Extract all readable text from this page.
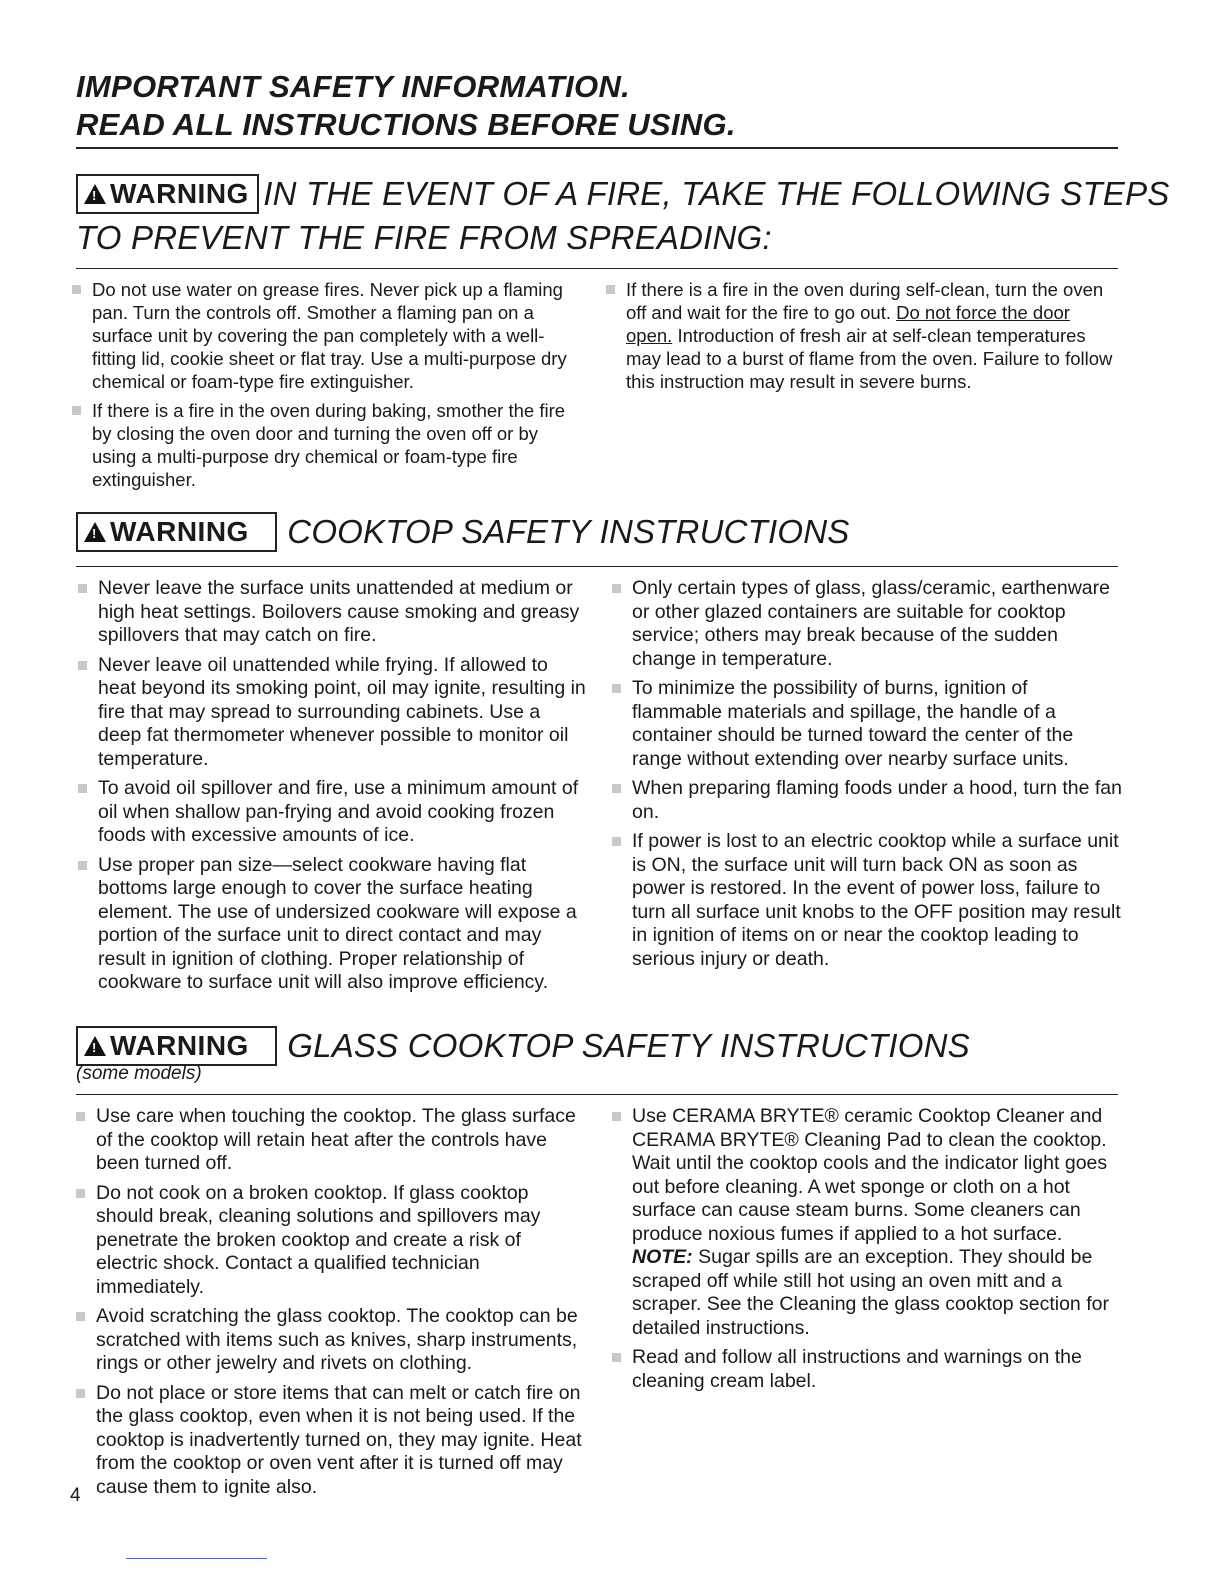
IMPORTANT SAFETY INFORMATION.
READ ALL INSTRUCTIONS BEFORE USING.
!WARNING IN THE EVENT OF A FIRE, TAKE THE FOLLOWING STEPS
TO PREVENT THE FIRE FROM SPREADING:
Do not use water on grease fires. Never pick up a flaming pan. Turn the controls off. Smother a flaming pan on a surface unit by covering the pan completely with a well-fitting lid, cookie sheet or flat tray. Use a multi-purpose dry chemical or foam-type fire extinguisher.
If there is a fire in the oven during baking, smother the fire by closing the oven door and turning the oven off or by using a multi-purpose dry chemical or foam-type fire extinguisher.
If there is a fire in the oven during self-clean, turn the oven off and wait for the fire to go out. Do not force the door open. Introduction of fresh air at self-clean temperatures may lead to a burst of flame from the oven. Failure to follow this instruction may result in severe burns.
!WARNING COOKTOP SAFETY INSTRUCTIONS
Never leave the surface units unattended at medium or high heat settings. Boilovers cause smoking and greasy spillovers that may catch on fire.
Never leave oil unattended while frying. If allowed to heat beyond its smoking point, oil may ignite, resulting in fire that may spread to surrounding cabinets. Use a deep fat thermometer whenever possible to monitor oil temperature.
To avoid oil spillover and fire, use a minimum amount of oil when shallow pan-frying and avoid cooking frozen foods with excessive amounts of ice.
Use proper pan size—select cookware having flat bottoms large enough to cover the surface heating element. The use of undersized cookware will expose a portion of the surface unit to direct contact and may result in ignition of clothing. Proper relationship of cookware to surface unit will also improve efficiency.
Only certain types of glass, glass/ceramic, earthenware or other glazed containers are suitable for cooktop service; others may break because of the sudden change in temperature.
To minimize the possibility of burns, ignition of flammable materials and spillage, the handle of a container should be turned toward the center of the range without extending over nearby surface units.
When preparing flaming foods under a hood, turn the fan on.
If power is lost to an electric cooktop while a surface unit is ON, the surface unit will turn back ON as soon as power is restored. In the event of power loss, failure to turn all surface unit knobs to the OFF position may result in ignition of items on or near the cooktop leading to serious injury or death.
!WARNING GLASS COOKTOP SAFETY INSTRUCTIONS
(some models)
Use care when touching the cooktop. The glass surface of the cooktop will retain heat after the controls have been turned off.
Do not cook on a broken cooktop. If glass cooktop should break, cleaning solutions and spillovers may penetrate the broken cooktop and create a risk of electric shock. Contact a qualified technician immediately.
Avoid scratching the glass cooktop. The cooktop can be scratched with items such as knives, sharp instruments, rings or other jewelry and rivets on clothing.
Do not place or store items that can melt or catch fire on the glass cooktop, even when it is not being used. If the cooktop is inadvertently turned on, they may ignite. Heat from the cooktop or oven vent after it is turned off may cause them to ignite also.
Use CERAMA BRYTE® ceramic Cooktop Cleaner and CERAMA BRYTE® Cleaning Pad to clean the cooktop. Wait until the cooktop cools and the indicator light goes out before cleaning. A wet sponge or cloth on a hot surface can cause steam burns. Some cleaners can produce noxious fumes if applied to a hot surface. NOTE: Sugar spills are an exception. They should be scraped off while still hot using an oven mitt and a scraper. See the Cleaning the glass cooktop section for detailed instructions.
Read and follow all instructions and warnings on the cleaning cream label.
4
